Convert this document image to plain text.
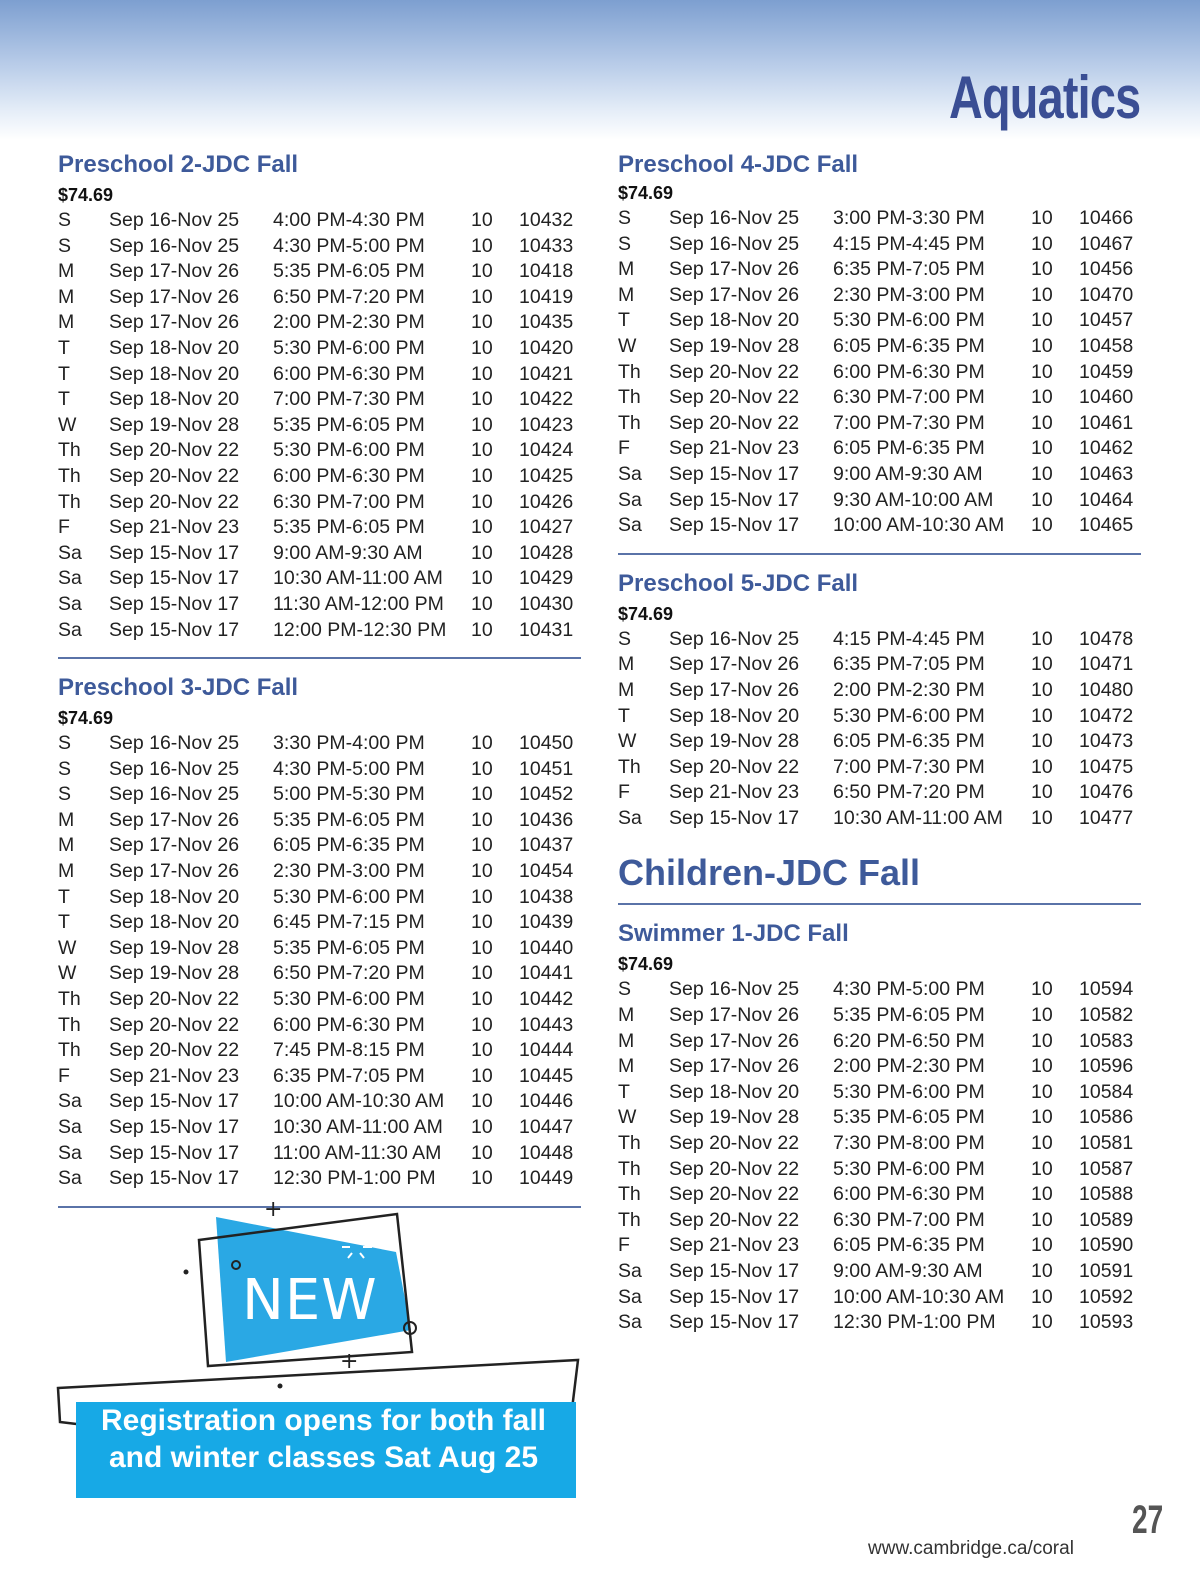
Aquatics
Preschool 2-JDC Fall
$74.69
S	Sep 16-Nov 25	4:00 PM-4:30 PM	10	10432
S	Sep 16-Nov 25	4:30 PM-5:00 PM	10	10433
M	Sep 17-Nov 26	5:35 PM-6:05 PM	10	10418
M	Sep 17-Nov 26	6:50 PM-7:20 PM	10	10419
M	Sep 17-Nov 26	2:00 PM-2:30 PM	10	10435
T	Sep 18-Nov 20	5:30 PM-6:00 PM	10	10420
T	Sep 18-Nov 20	6:00 PM-6:30 PM	10	10421
T	Sep 18-Nov 20	7:00 PM-7:30 PM	10	10422
W	Sep 19-Nov 28	5:35 PM-6:05 PM	10	10423
Th	Sep 20-Nov 22	5:30 PM-6:00 PM	10	10424
Th	Sep 20-Nov 22	6:00 PM-6:30 PM	10	10425
Th	Sep 20-Nov 22	6:30 PM-7:00 PM	10	10426
F	Sep 21-Nov 23	5:35 PM-6:05 PM	10	10427
Sa	Sep 15-Nov 17	9:00 AM-9:30 AM	10	10428
Sa	Sep 15-Nov 17	10:30 AM-11:00 AM	10	10429
Sa	Sep 15-Nov 17	11:30 AM-12:00 PM	10	10430
Sa	Sep 15-Nov 17	12:00 PM-12:30 PM	10	10431
Preschool 3-JDC Fall
$74.69
S	Sep 16-Nov 25	3:30 PM-4:00 PM	10	10450
S	Sep 16-Nov 25	4:30 PM-5:00 PM	10	10451
S	Sep 16-Nov 25	5:00 PM-5:30 PM	10	10452
M	Sep 17-Nov 26	5:35 PM-6:05 PM	10	10436
M	Sep 17-Nov 26	6:05 PM-6:35 PM	10	10437
M	Sep 17-Nov 26	2:30 PM-3:00 PM	10	10454
T	Sep 18-Nov 20	5:30 PM-6:00 PM	10	10438
T	Sep 18-Nov 20	6:45 PM-7:15 PM	10	10439
W	Sep 19-Nov 28	5:35 PM-6:05 PM	10	10440
W	Sep 19-Nov 28	6:50 PM-7:20 PM	10	10441
Th	Sep 20-Nov 22	5:30 PM-6:00 PM	10	10442
Th	Sep 20-Nov 22	6:00 PM-6:30 PM	10	10443
Th	Sep 20-Nov 22	7:45 PM-8:15 PM	10	10444
F	Sep 21-Nov 23	6:35 PM-7:05 PM	10	10445
Sa	Sep 15-Nov 17	10:00 AM-10:30 AM	10	10446
Sa	Sep 15-Nov 17	10:30 AM-11:00 AM	10	10447
Sa	Sep 15-Nov 17	11:00 AM-11:30 AM	10	10448
Sa	Sep 15-Nov 17	12:30 PM-1:00 PM	10	10449
Preschool 4-JDC Fall
$74.69
S	Sep 16-Nov 25	3:00 PM-3:30 PM	10	10466
S	Sep 16-Nov 25	4:15 PM-4:45 PM	10	10467
M	Sep 17-Nov 26	6:35 PM-7:05 PM	10	10456
M	Sep 17-Nov 26	2:30 PM-3:00 PM	10	10470
T	Sep 18-Nov 20	5:30 PM-6:00 PM	10	10457
W	Sep 19-Nov 28	6:05 PM-6:35 PM	10	10458
Th	Sep 20-Nov 22	6:00 PM-6:30 PM	10	10459
Th	Sep 20-Nov 22	6:30 PM-7:00 PM	10	10460
Th	Sep 20-Nov 22	7:00 PM-7:30 PM	10	10461
F	Sep 21-Nov 23	6:05 PM-6:35 PM	10	10462
Sa	Sep 15-Nov 17	9:00 AM-9:30 AM	10	10463
Sa	Sep 15-Nov 17	9:30 AM-10:00 AM	10	10464
Sa	Sep 15-Nov 17	10:00 AM-10:30 AM	10	10465
Preschool 5-JDC Fall
$74.69
S	Sep 16-Nov 25	4:15 PM-4:45 PM	10	10478
M	Sep 17-Nov 26	6:35 PM-7:05 PM	10	10471
M	Sep 17-Nov 26	2:00 PM-2:30 PM	10	10480
T	Sep 18-Nov 20	5:30 PM-6:00 PM	10	10472
W	Sep 19-Nov 28	6:05 PM-6:35 PM	10	10473
Th	Sep 20-Nov 22	7:00 PM-7:30 PM	10	10475
F	Sep 21-Nov 23	6:50 PM-7:20 PM	10	10476
Sa	Sep 15-Nov 17	10:30 AM-11:00 AM	10	10477
Children-JDC Fall
Swimmer 1-JDC Fall
$74.69
S	Sep 16-Nov 25	4:30 PM-5:00 PM	10	10594
M	Sep 17-Nov 26	5:35 PM-6:05 PM	10	10582
M	Sep 17-Nov 26	6:20 PM-6:50 PM	10	10583
M	Sep 17-Nov 26	2:00 PM-2:30 PM	10	10596
T	Sep 18-Nov 20	5:30 PM-6:00 PM	10	10584
W	Sep 19-Nov 28	5:35 PM-6:05 PM	10	10586
Th	Sep 20-Nov 22	7:30 PM-8:00 PM	10	10581
Th	Sep 20-Nov 22	5:30 PM-6:00 PM	10	10587
Th	Sep 20-Nov 22	6:00 PM-6:30 PM	10	10588
Th	Sep 20-Nov 22	6:30 PM-7:00 PM	10	10589
F	Sep 21-Nov 23	6:05 PM-6:35 PM	10	10590
Sa	Sep 15-Nov 17	9:00 AM-9:30 AM	10	10591
Sa	Sep 15-Nov 17	10:00 AM-10:30 AM	10	10592
Sa	Sep 15-Nov 17	12:30 PM-1:00 PM	10	10593
+
+
NEW
Registration opens for both fall
and winter classes Sat Aug 25
www.cambridge.ca/coral
27
